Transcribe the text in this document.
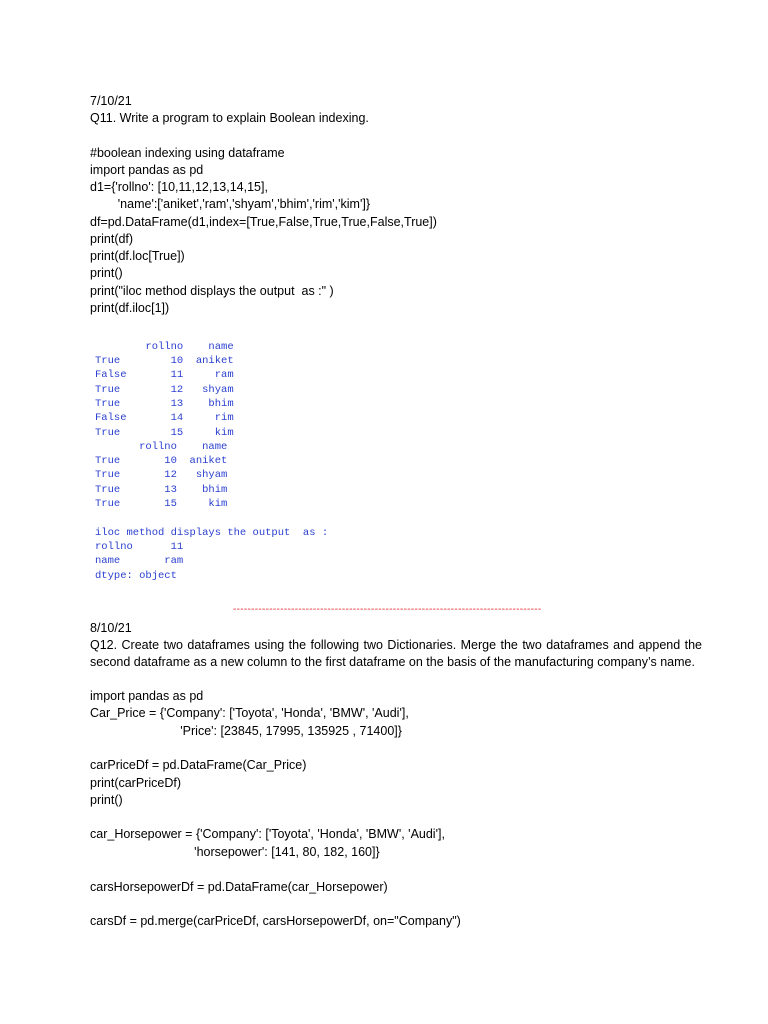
7/10/21
Q11. Write a program to explain Boolean indexing.
#boolean indexing using dataframe
import pandas as pd
d1={'rollno': [10,11,12,13,14,15],
'name':['aniket','ram','shyam','bhim','rim','kim']}
df=pd.DataFrame(d1,index=[True,False,True,True,False,True])
print(df)
print(df.loc[True])
print()
print("iloc method displays the output  as :" )
print(df.iloc[1])
rollno    name
True        10  aniket
False       11     ram
True        12   shyam
True        13    bhim
False       14     rim
True        15     kim
rollno    name
True       10  aniket
True       12   shyam
True       13    bhim
True       15     kim
iloc method displays the output  as :
rollno      11
name       ram
dtype: object
-------------------------------------------------------------------------------------
8/10/21
Q12. Create two dataframes using the following two Dictionaries. Merge the two dataframes and append the second dataframe as a new column to the first dataframe on the basis of the manufacturing company’s name.
import pandas as pd
Car_Price = {'Company': ['Toyota', 'Honda', 'BMW', 'Audi'],
'Price': [23845, 17995, 135925 , 71400]}
carPriceDf = pd.DataFrame(Car_Price)
print(carPriceDf)
print()
car_Horsepower = {'Company': ['Toyota', 'Honda', 'BMW', 'Audi'],
'horsepower': [141, 80, 182, 160]}
carsHorsepowerDf = pd.DataFrame(car_Horsepower)
carsDf = pd.merge(carPriceDf, carsHorsepowerDf, on="Company")
